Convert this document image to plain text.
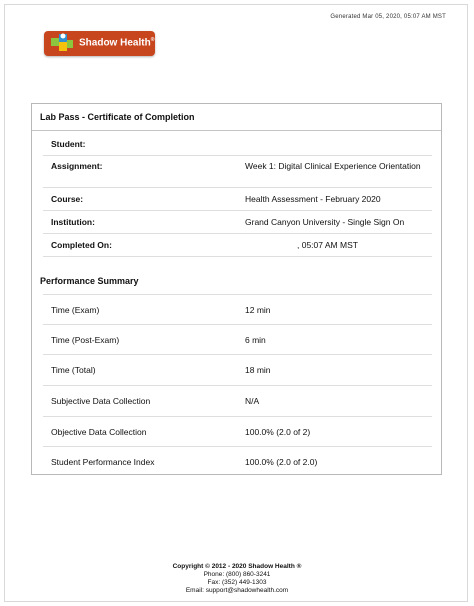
Generated Mar 05, 2020, 05:07 AM MST
Shadow Health®
Lab Pass - Certificate of Completion
Student:
Assignment:	Week 1: Digital Clinical Experience Orientation
Course:	Health Assessment - February 2020
Institution:	Grand Canyon University - Single Sign On
Completed On:	, 05:07 AM MST
Performance Summary
Time (Exam)	12 min
Time (Post-Exam)	6 min
Time (Total)	18 min
Subjective Data Collection	N/A
Objective Data Collection	100.0% (2.0 of 2)
Student Performance Index	100.0% (2.0 of 2.0)
Copyright © 2012 - 2020 Shadow Health ®
Phone: (800) 860-3241
Fax: (352) 449-1303
Email: support@shadowhealth.com
